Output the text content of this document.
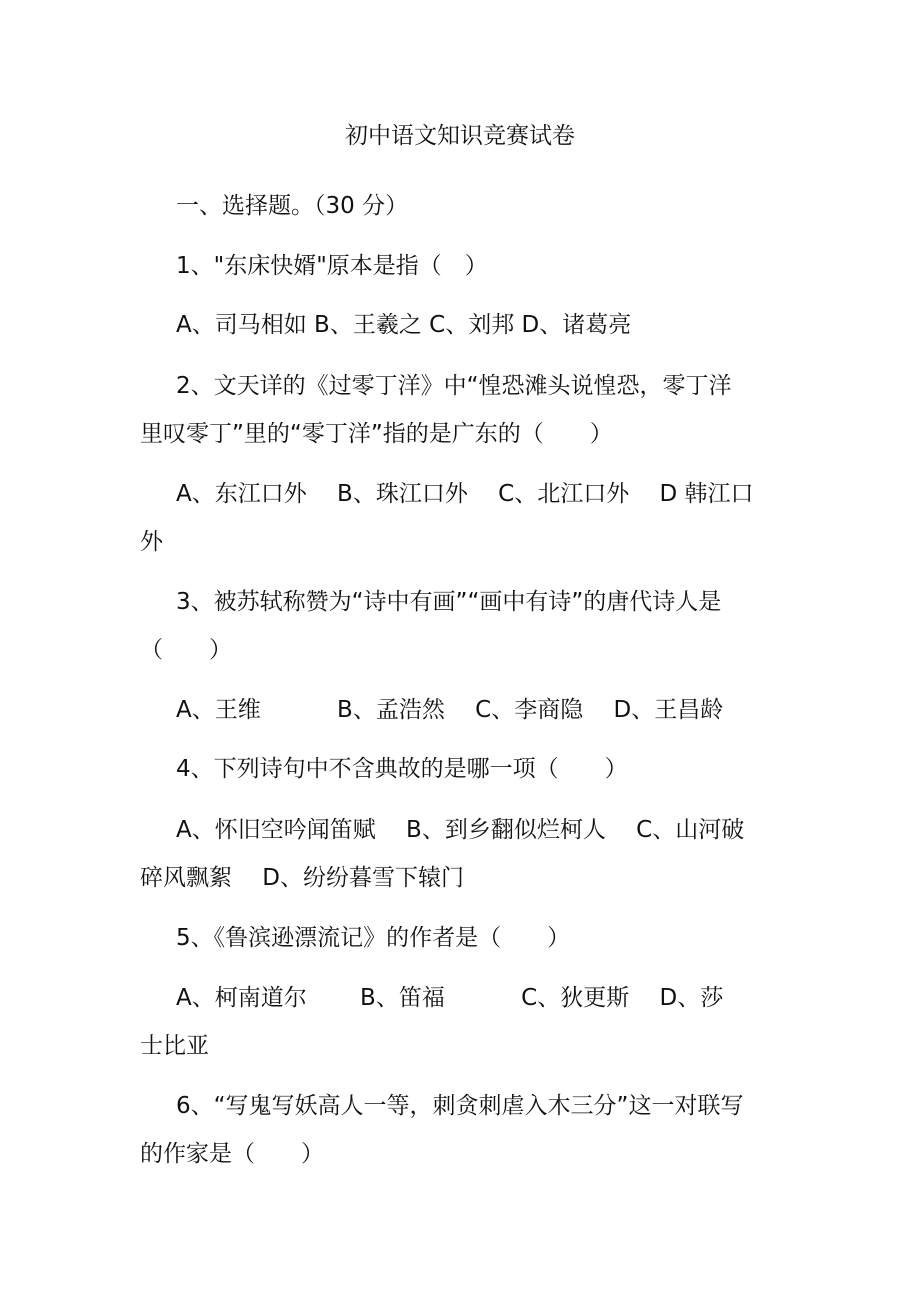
初中语文知识竞赛试卷
一、选择题。（30 分）
1、"东床快婿"原本是指（　）
A、司马相如 B、王羲之 C、刘邦 D、诸葛亮
2、文天详的《过零丁洋》中“惶恐滩头说惶恐，零丁洋
里叹零丁”里的“零丁洋”指的是广东的（　　）
A、东江口外　 B、珠江口外　 C、北江口外　 D 韩江口
外
3、被苏轼称赞为“诗中有画”“画中有诗”的唐代诗人是
（　　）
A、王维　　　 B、孟浩然　 C、李商隐　 D、王昌龄
4、下列诗句中不含典故的是哪一项（　　）
A、怀旧空吟闻笛赋　 B、到乡翻似烂柯人　 C、山河破
碎风飘絮　 D、纷纷暮雪下辕门
5、《鲁滨逊漂流记》的作者是（　　）
A、柯南道尔　　 B、笛福　　　 C、狄更斯　 D、莎
士比亚
6、“写鬼写妖高人一等，刺贪刺虐入木三分”这一对联写
的作家是（　　）
